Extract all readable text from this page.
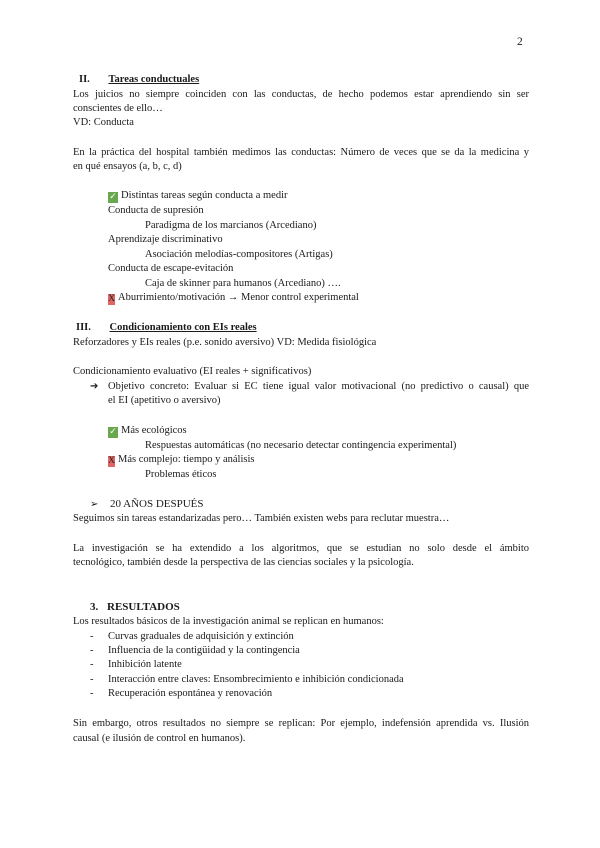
2
II. Tareas conductuales
Los juicios no siempre coinciden con las conductas, de hecho podemos estar aprendiendo sin ser
conscientes de ello…
VD: Conducta
En la práctica del hospital también medimos las conductas: Número de veces que se da la medicina y
en qué ensayos (a, b, c, d)
✓ Distintas tareas según conducta a medir
Conducta de supresión
Paradigma de los marcianos (Arcediano)
Aprendizaje discriminativo
Asociación melodías-compositores (Artigas)
Conducta de escape-evitación
Caja de skinner para humanos (Arcediano) ….
X Aburrimiento/motivación → Menor control experimental
III. Condicionamiento con EIs reales
Reforzadores y EIs reales (p.e. sonido aversivo) VD: Medida fisiológica
Condicionamiento evaluativo (EI reales + significativos)
➔ Objetivo concreto: Evaluar si EC tiene igual valor motivacional (no predictivo o causal) que
el EI (apetitivo o aversivo)
✓ Más ecológicos
Respuestas automáticas (no necesario detectar contingencia experimental)
X Más complejo: tiempo y análisis
Problemas éticos
➢ 20 AÑOS DESPUÉS
Seguimos sin tareas estandarizadas pero… También existen webs para reclutar muestra…
La investigación se ha extendido a los algoritmos, que se estudian no solo desde el ámbito
tecnológico, también desde la perspectiva de las ciencias sociales y la psicología.
3. RESULTADOS
Los resultados básicos de la investigación animal se replican en humanos:
- Curvas graduales de adquisición y extinción
- Influencia de la contigüidad y la contingencia
- Inhibición latente
- Interacción entre claves: Ensombrecimiento e inhibición condicionada
- Recuperación espontánea y renovación
Sin embargo, otros resultados no siempre se replican: Por ejemplo, indefensión aprendida vs. Ilusión
causal (e ilusión de control en humanos).
